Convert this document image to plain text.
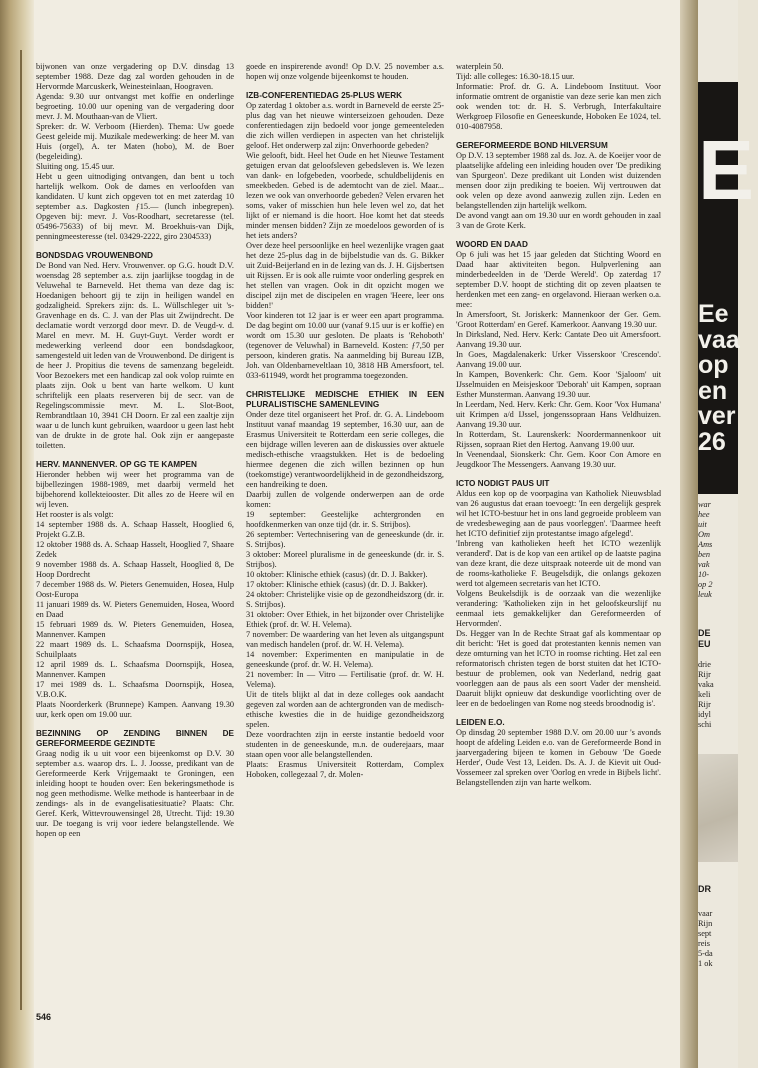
bijwonen van onze vergadering op D.V. dinsdag 13 september 1988. Deze dag zal worden gehouden in de Hervormde Marcuskerk, Weinesteinlaan, Hoograven.
Agenda: 9.30 uur ontvangst met koffie en onderlinge begroeting. 10.00 uur opening van de vergadering door mevr. J. M. Mouthaan-van de Vliert.
Spreker: dr. W. Verboom (Hierden). Thema: Uw goede Geest geleide mij. Muzikale medewerking: de heer M. van Huis (orgel), A. ter Maten (hobo), M. de Boer (begeleiding).
Sluiting ong. 15.45 uur.
Hebt u geen uitnodiging ontvangen, dan bent u toch hartelijk welkom. Ook de dames en verloofden van kandidaten. U kunt zich opgeven tot en met zaterdag 10 september a.s. Dagkosten ƒ15.— (lunch inbegrepen). Opgeven bij: mevr. J. Vos-Roodhart, secretaresse (tel. 05496-75633) of bij mevr. M. Broekhuis-van Dijk, penningmeesteresse (tel. 03429-2222, giro 2304533)
BONDSDAG VROUWENBOND
De Bond van Ned. Herv. Vrouwenver. op G.G. houdt D.V. woensdag 28 september a.s. zijn jaarlijkse toogdag in de Veluwehal te Barneveld. Het thema van deze dag is: Hoedanigen behoort gij te zijn in heiligen wandel en godzaligheid. Sprekers zijn: ds. L. Wüllschleger uit 's-Gravenhage en ds. C. J. van der Plas uit Zwijndrecht. De declamatie wordt verzorgd door mevr. D. de Veugd-v. d. Marel en mevr. M. H. Guyt-Guyt. Verder wordt er medewerking verleend door een bondsdagkoor, samengesteld uit leden van de Vrouwenbond. De dirigent is de heer J. Propitius die tevens de samenzang begeleidt. Voor Bezoekers met een handicap zal ook volop ruimte en plaats zijn. Ook u bent van harte welkom. U kunt schriftelijk een plaats reserveren bij de secr. van de Regelingscommissie mevr. M. L. Slot-Boot, Rembrandtlaan 10, 3941 CH Doorn. Er zal een zaaltje zijn waar u de lunch kunt gebruiken, waardoor u geen last hebt van de drukte in de grote hal. Ook zijn er aangepaste toiletten.
HERV. MANNENVER. OP GG TE KAMPEN
Hieronder hebben wij weer het programma van de bijbellezingen 1988-1989, met daarbij vermeld het bijbehorend kollekteiooster. Dit alles zo de Heere wil en wij leven.
Het rooster is als volgt:
14 september 1988 ds. A. Schaap Hasselt, Hooglied 6, Projekt G.Z.B.
12 oktober 1988 ds. A. Schaap Hasselt, Hooglied 7, Shaare Zedek
9 november 1988 ds. A. Schaap Hasselt, Hooglied 8, De Hoop Dordrecht
7 december 1988 ds. W. Pieters Genemuiden, Hosea, Hulp Oost-Europa
11 januari 1989 ds. W. Pieters Genemuiden, Hosea, Woord en Daad
15 februari 1989 ds. W. Pieters Genemuiden, Hosea, Mannenver. Kampen
22 maart 1989 ds. L. Schaafsma Doornspijk, Hosea, Schuilplaats
12 april 1989 ds. L. Schaafsma Doornspijk, Hosea, Mannenver. Kampen
17 mei 1989 ds. L. Schaafsma Doornspijk, Hosea, V.B.O.K.
Plaats Noorderkerk (Brunnepe) Kampen. Aanvang 19.30 uur, kerk open om 19.00 uur.
BEZINNING OP ZENDING BINNEN DE GEREFORMEERDE GEZINDTE
Graag nodig ik u uit voor een bijeenkomst op D.V. 30 september a.s. waarop drs. L. J. Joosse, predikant van de Gereformeerde Kerk Vrijgemaakt te Groningen, een inleiding hoopt te houden over: Een bekeringsmethode is nog geen methodisme. Welke methode is hanteerbaar in de zendings- als in de evangelisatiesituatie? Plaats: Chr. Geref. Kerk, Wittevrouwensingel 28, Utrecht. Tijd: 19.30 uur. De toegang is vrij voor iedere belangstellende. We hopen op een
goede en inspirerende avond! Op D.V. 25 november a.s. hopen wij onze volgende bijeenkomst te houden.
IZB-CONFERENTIEDAG 25-PLUS WERK
Op zaterdag 1 oktober a.s. wordt in Barneveld de eerste 25-plus dag van het nieuwe winterseizoen gehouden. Deze conferentiedagen zijn bedoeld voor jonge gemeenteleden die zich willen verdiepen in aspecten van het christelijk geloof. Het onderwerp zal zijn: Onverhoorde gebeden?
Wie gelooft, bidt. Heel het Oude en het Nieuwe Testament getuigen ervan dat geloofsleven gebedsleven is. We lezen van dank- en lofgebeden, voorbede, schuldbelijdenis en smeekbeden. Gebed is de ademtocht van de ziel. Maar... lezen we ook van onverhoorde gebeden? Velen ervaren het soms, vaker of misschien hun hele leven wel zo, dat het lijkt of er niemand is die hoort. Hoe komt het dat steeds minder mensen bidden? Zijn ze moedeloos geworden of is het iets anders?
Over deze heel persoonlijke en heel wezenlijke vragen gaat het deze 25-plus dag in de bijbelstudie van ds. G. Bikker uit Zuid-Beijerland en in de lezing van ds. J. H. Gijsbertsen uit Rijssen. Er is ook alle ruimte voor onderling gesprek en het stellen van vragen. Ook in dit opzicht mogen we discipel zijn met de discipelen en vragen 'Heere, leer ons bidden!'
Voor kinderen tot 12 jaar is er weer een apart programma. De dag begint om 10.00 uur (vanaf 9.15 uur is er koffie) en wordt om 15.30 uur gesloten. De plaats is 'Rehoboth' (tegenover de Veluwhal) in Barneveld. Kosten: ƒ7,50 per persoon, kinderen gratis. Na aanmelding bij Bureau IZB, Joh. van Oldenbarneveltlaan 10, 3818 HB Amersfoort, tel. 033-611949, wordt het programma toegezonden.
CHRISTELIJKE MEDISCHE ETHIEK IN EEN PLURALISTISCHE SAMENLEVING
Onder deze titel organiseert het Prof. dr. G. A. Lindeboom Instituut vanaf maandag 19 september, 16.30 uur, aan de Erasmus Universiteit te Rotterdam een serie colleges, die een bijdrage willen leveren aan de diskussies over aktuele medisch-ethische vraagstukken. Het is de bedoeling hiermee degenen die zich willen bezinnen op hun (toekomstige) verantwoordelijkheid in de gezondheidszorg, een handreiking te doen.
Daarbij zullen de volgende onderwerpen aan de orde komen:
19 september: Geestelijke achtergronden en hoofdkenmerken van onze tijd (dr. ir. S. Strijbos).
26 september: Vertechnisering van de geneeskunde (dr. ir. S. Strijbos).
3 oktober: Moreel pluralisme in de geneeskunde (dr. ir. S. Strijbos).
10 oktober: Klinische ethiek (casus) (dr. D. J. Bakker).
17 oktober: Klinische ethiek (casus) (dr. D. J. Bakker).
24 oktober: Christelijke visie op de gezondheidszorg (dr. ir. S. Strijbos).
31 oktober: Over Ethiek, in het bijzonder over Christelijke Ethiek (prof. dr. W. H. Velema).
7 november: De waardering van het leven als uitgangspunt van medisch handelen (prof. dr. W. H. Velema).
14 november: Experimenten en manipulatie in de geneeskunde (prof. dr. W. H. Velema).
21 november: In — Vitro — Fertilisatie (prof. dr. W. H. Velema).
Uit de titels blijkt al dat in deze colleges ook aandacht gegeven zal worden aan de achtergronden van de medisch-ethische kwesties die in de huidige gezondheidszorg spelen.
Deze voordrachten zijn in eerste instantie bedoeld voor studenten in de geneeskunde, m.n. de ouderejaars, maar staan open voor alle belangstellenden.
Plaats: Erasmus Universiteit Rotterdam, Complex Hoboken, collegezaal 7, dr. Molen-
waterplein 50.
Tijd: alle colleges: 16.30-18.15 uur.
Informatie: Prof. dr. G. A. Lindeboom Instituut. Voor informatie omtrent de organistie van deze serie kan men zich ook wenden tot: dr. H. S. Verbrugh, Interfakultaire Werkgroep Filosofie en Geneeskunde, Hoboken Ee 1024, tel. 010-4087958.
GEREFORMEERDE BOND HILVERSUM
Op D.V. 13 september 1988 zal ds. Joz. A. de Koeijer voor de plaatselijke afdeling een inleiding houden over 'De prediking van Spurgeon'. Deze predikant uit Londen wist duizenden mensen door zijn prediking te boeien. Wij vertrouwen dat ook velen op deze avond aanwezig zullen zijn. Leden en belangstellenden zijn hartelijk welkom.
De avond vangt aan om 19.30 uur en wordt gehouden in zaal 3 van de Grote Kerk.
WOORD EN DAAD
Op 6 juli was het 15 jaar geleden dat Stichting Woord en Daad haar aktiviteiten begon. Hulpverlening aan minderbedeelden in de 'Derde Wereld'. Op zaterdag 17 september D.V. hoopt de stichting dit op zeven plaatsen te herdenken met een zang- en orgelavond. Hieraan werken o.a. mee:
In Amersfoort, St. Joriskerk: Mannenkoor der Ger. Gem. 'Groot Rotterdam' en Geref. Kamerkoor. Aanvang 19.30 uur.
In Dirksland, Ned. Herv. Kerk: Cantate Deo uit Amersfoort. Aanvang 19.30 uur.
In Goes, Magdalenakerk: Urker Visserskoor 'Crescendo'. Aanvang 19.00 uur.
In Kampen, Bovenkerk: Chr. Gem. Koor 'Sjaloom' uit IJsselmuiden en Meisjeskoor 'Deborah' uit Kampen, sopraan Esther Munsterman. Aanvang 19.30 uur.
In Leerdam, Ned. Herv. Kerk: Chr. Gem. Koor 'Vox Humana' uit Krimpen a/d IJssel, jongenssopraan Hans Veldhuizen. Aanvang 19.30 uur.
In Rotterdam, St. Laurenskerk: Noordermannenkoor uit Rijssen, sopraan Riet den Hertog. Aanvang 19.00 uur.
In Veenendaal, Sionskerk: Chr. Gem. Koor Con Amore en Jeugdkoor The Messengers. Aanvang 19.30 uur.
ICTO NODIGT PAUS UIT
Aldus een kop op de voorpagina van Katholiek Nieuwsblad van 26 augustus dat eraan toevoegt: 'In een dergelijk gesprek wil het ICTO-bestuur het in ons land gegroeide probleem van de vredesbeweging aan de paus voorleggen'. 'Daarmee heeft het ICTO definitief zijn protestantse imago afgelegd'.
'Inbreng van katholieken heeft het ICTO wezenlijk veranderd'. Dat is de kop van een artikel op de laatste pagina van deze krant, die deze uitspraak noteerde uit de mond van de rooms-katholieke F. Beugelsdijk, die onlangs gekozen werd tot algemeen secretaris van het ICTO.
Volgens Beukelsdijk is de oorzaak van die wezenlijke verandering: 'Katholieken zijn in het geloofskeurslijf nu eenmaal iets gemakkelijker dan Gereformeerden of Hervormden'.
Ds. Hegger van In de Rechte Straat gaf als kommentaar op dit bericht: 'Het is goed dat protestanten kennis nemen van deze omturning van het ICTO in roomse richting. Het zal een reformatorisch christen tegen de borst stuiten dat het ICTO-bestuur de problemen, ook van Nederland, nedrig gaat voorleggen aan de paus als een soort Vader der mensheid. Daaruit blijkt opnieuw dat deskundige voorlichting over de leer en de bedoelingen van Rome nog steeds broodnodig is'.
LEIDEN E.O.
Op dinsdag 20 september 1988 D.V. om 20.00 uur 's avonds hoopt de afdeling Leiden e.o. van de Gereformeerde Bond in jaarvergadering bijeen te komen in Gebouw 'De Goede Herder', Oude Vest 13, Leiden. Ds. A. J. de Kievit uit Oud-Vossemeer zal spreken over 'Oorlog en vrede in Bijbels licht'. Belangstellenden zijn van harte welkom.
546
E
Ee
vaa
op
en
ver
26
war
hee
uit
Om
Ams
ben
vak
10-
op 2
leuk
DE
EU
drie
Rijr
vaka
keli
Rijr
idyl
schi
DR
vaar
Rijn
sept
reis
5-da
1 ok
